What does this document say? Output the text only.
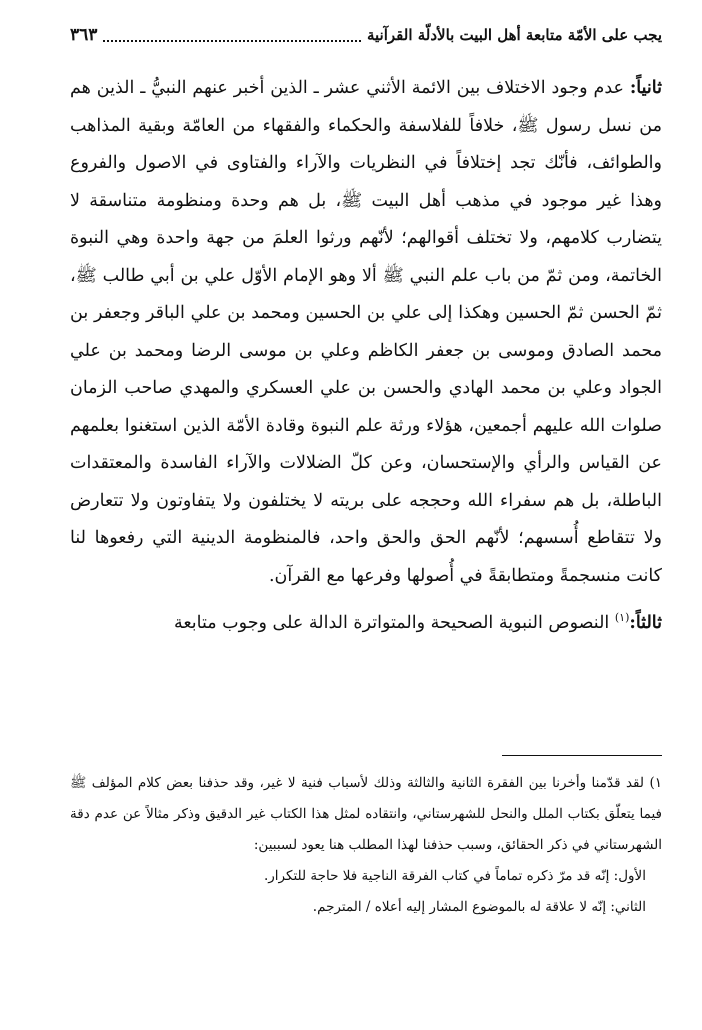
يجب على الأمّة متابعة أهل البيت بالأدلّة القرآنية
٣٦٣

ثانياً: عدم وجود الاختلاف بين الائمة الأثني عشر ـ الذين أخبر عنهم النبيُّ ـ الذين هم من نسل رسول ﷺ، خلافاً للفلاسفة والحكماء والفقهاء من العامّة وبقية المذاهب والطوائف، فأنّك تجد إختلافاً في النظريات والآراء والفتاوى في الاصول والفروع وهذا غير موجود في مذهب أهل البيت ﷺ، بل هم وحدة ومنظومة متناسقة لا يتضارب كلامهم، ولا تختلف أقوالهم؛ لأنّهم ورثوا العلمَ من جهة واحدة وهي النبوة الخاتمة، ومن ثمّ من باب علم النبي ﷺ ألا وهو الإمام الأوّل علي بن أبي طالب ﷺ، ثمّ الحسن ثمّ الحسين وهكذا إلى علي بن الحسين ومحمد بن علي الباقر وجعفر بن محمد الصادق وموسى بن جعفر الكاظم وعلي بن موسى الرضا ومحمد بن علي الجواد وعلي بن محمد الهادي والحسن بن علي العسكري والمهدي صاحب الزمان صلوات الله عليهم أجمعين، هؤلاء ورثة علم النبوة وقادة الأمّة الذين استغنوا بعلمهم عن القياس والرأي والإستحسان، وعن كلّ الضلالات والآراء الفاسدة والمعتقدات الباطلة، بل هم سفراء الله وحججه على بريته لا يختلفون ولا يتفاوتون ولا تتعارض ولا تتقاطع أُسسهم؛ لأنّهم الحق والحق واحد، فالمنظومة الدينية التي رفعوها لنا كانت منسجمةً ومتطابقةً في أُصولها وفرعها مع القرآن.

ثالثاً:$^{(١)}$ النصوص النبوية الصحيحة والمتواترة الدالة على وجوب متابعة

١) لقد قدّمنا وأخرنا بين الفقرة الثانية والثالثة وذلك لأسباب فنية لا غير، وقد حذفنا بعض كلام المؤلف ﷺ فيما يتعلّق بكتاب الملل والنحل للشهرستاني، وانتقاده لمثل هذا الكتاب غير الدقيق وذكر مثالاً عن عدم دقة الشهرستاني في ذكر الحقائق، وسبب حذفنا لهذا المطلب هنا يعود لسببين:

الأول: إنّه قد مرّ ذكره تماماً في كتاب الفرقة الناجية فلا حاجة للتكرار.

الثاني: إنّه لا علاقة له بالموضوع المشار إليه أعلاه / المترجم.
